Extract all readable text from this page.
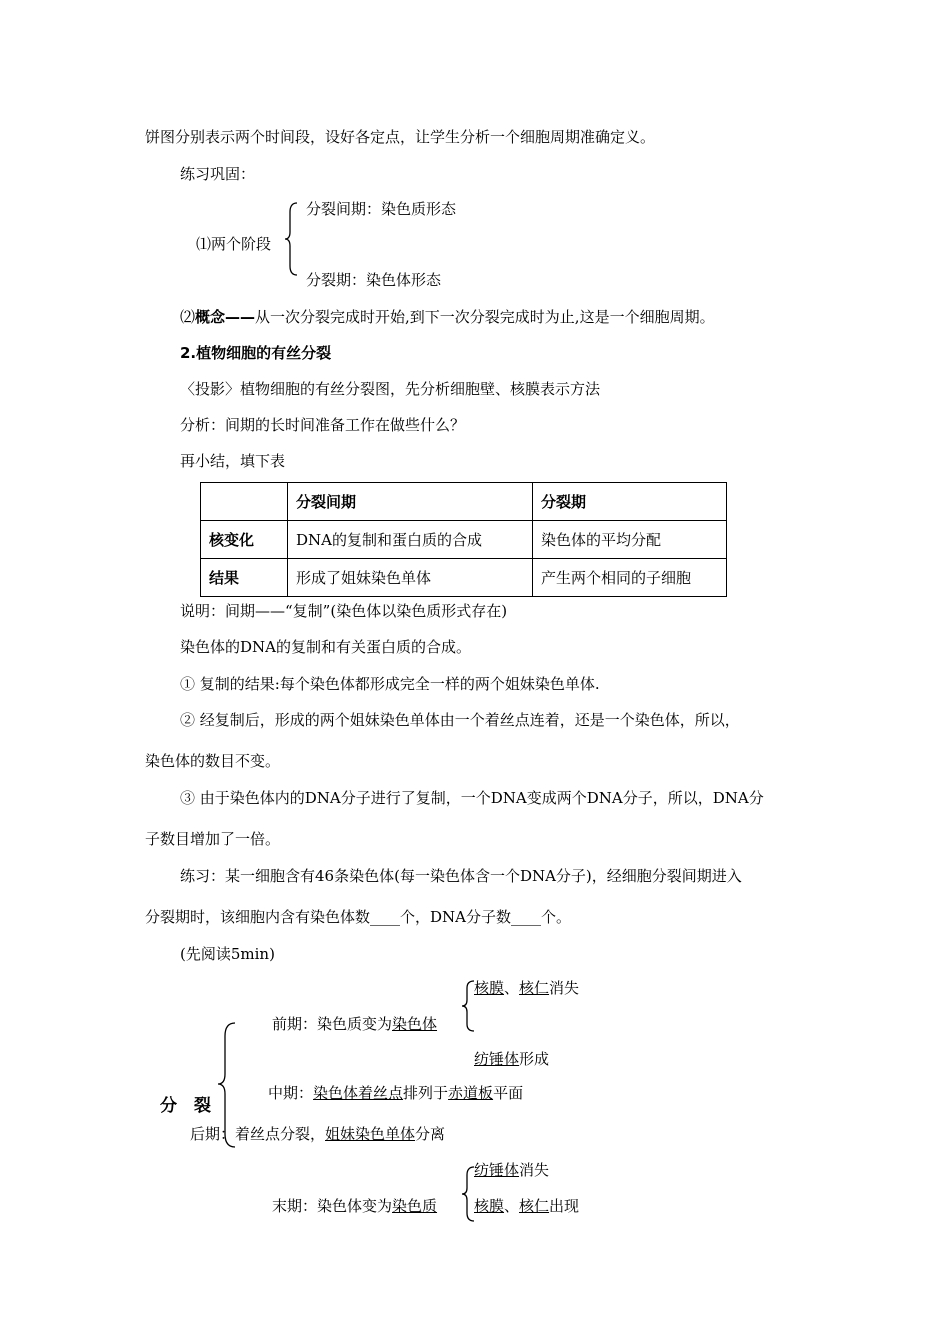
饼图分别表示两个时间段，设好各定点，让学生分析一个细胞周期准确定义。
练习巩固：
⑴两个阶段
分裂间期：染色质形态
分裂期：染色体形态
⑵概念——从一次分裂完成时开始,到下一次分裂完成时为止,这是一个细胞周期。
2.植物细胞的有丝分裂
〈投影〉植物细胞的有丝分裂图，先分析细胞壁、核膜表示方法
分析：间期的长时间准备工作在做些什么？
再小结，填下表
	分裂间期	分裂期
核变化	DNA的复制和蛋白质的合成	染色体的平均分配
结果	形成了姐妹染色单体	产生两个相同的子细胞
说明：间期——“复制”(染色体以染色质形式存在)
染色体的DNA的复制和有关蛋白质的合成。
① 复制的结果:每个染色体都形成完全一样的两个姐妹染色单体.
② 经复制后，形成的两个姐妹染色单体由一个着丝点连着，还是一个染色体，所以，
染色体的数目不变。
③ 由于染色体内的DNA分子进行了复制，一个DNA变成两个DNA分子，所以，DNA分
子数目增加了一倍。
练习：某一细胞含有46条染色体(每一染色体含一个DNA分子)，经细胞分裂间期进入
分裂期时，该细胞内含有染色体数____个，DNA分子数____个。
(先阅读5min)
分　裂
前期：染色质变为染色体
核膜、核仁消失
纺锤体形成
中期：染色体着丝点排列于赤道板平面
后期：着丝点分裂，姐妹染色单体分离
纺锤体消失
末期：染色体变为染色质 核膜、核仁出现
